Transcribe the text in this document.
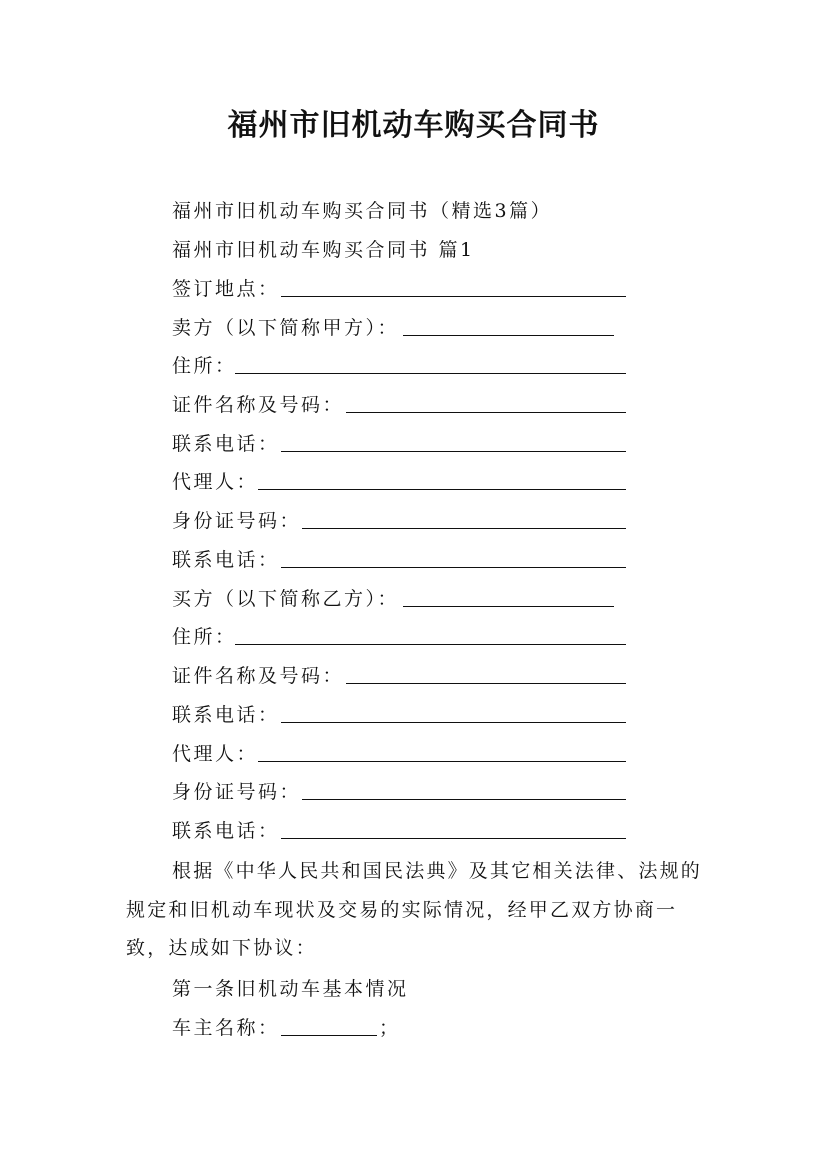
福州市旧机动车购买合同书
福州市旧机动车购买合同书（精选3篇）
福州市旧机动车购买合同书 篇1
签订地点：
卖方（以下简称甲方）：
住所：
证件名称及号码：
联系电话：
代理人：
身份证号码：
联系电话：
买方（以下简称乙方）：
住所：
证件名称及号码：
联系电话：
代理人：
身份证号码：
联系电话：
根据《中华人民共和国民法典》及其它相关法律、法规的规定和旧机动车现状及交易的实际情况，经甲乙双方协商一致，达成如下协议：
第一条旧机动车基本情况
车主名称：	；
